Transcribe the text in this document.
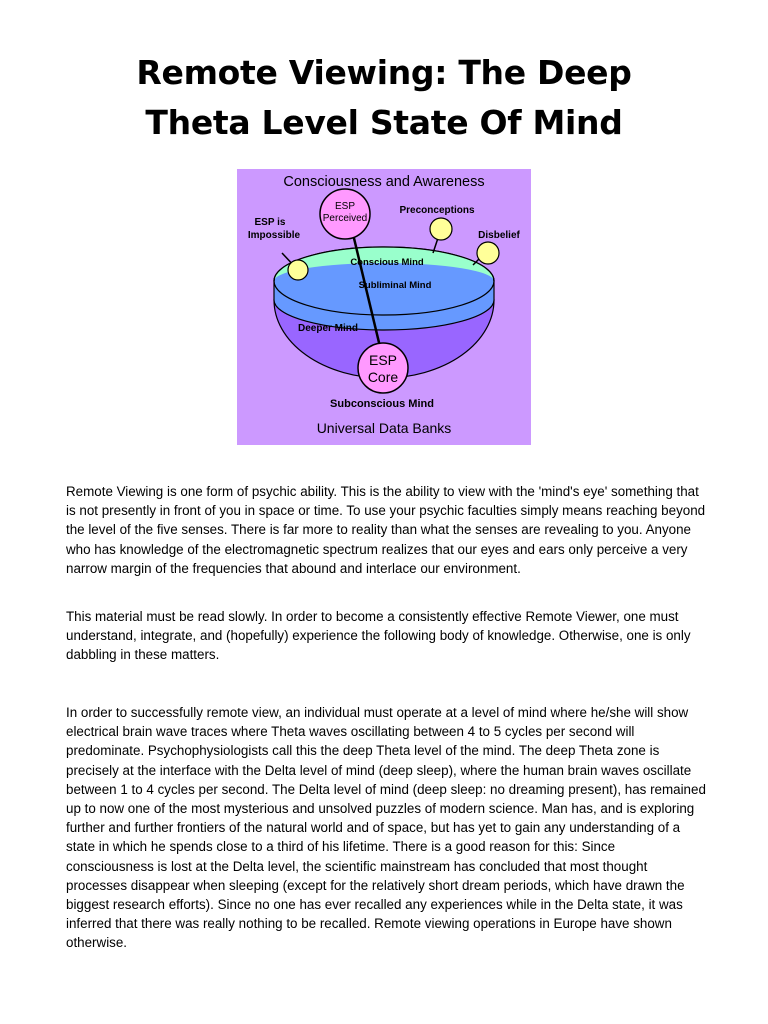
Remote Viewing: The Deep
Theta Level State Of Mind
Consciousness and Awareness
ESP
Perceived
ESP is
Impossible
Preconceptions
Disbelief
Conscious Mind
Subliminal Mind
Deeper Mind
ESP
Core
Subconscious Mind
Universal Data Banks

Remote Viewing is one form of psychic ability. This is the ability to view with the 'mind's eye' something that is not presently in front of you in space or time. To use your psychic faculties simply means reaching beyond the level of the five senses. There is far more to reality than what the senses are revealing to you. Anyone who has knowledge of the electromagnetic spectrum realizes that our eyes and ears only perceive a very narrow margin of the frequencies that abound and interlace our environment.

This material must be read slowly. In order to become a consistently effective Remote Viewer, one must understand, integrate, and (hopefully) experience the following body of knowledge. Otherwise, one is only dabbling in these matters.

In order to successfully remote view, an individual must operate at a level of mind where he/she will show electrical brain wave traces where Theta waves oscillating between 4 to 5 cycles per second will predominate. Psychophysiologists call this the deep Theta level of the mind. The deep Theta zone is precisely at the interface with the Delta level of mind (deep sleep), where the human brain waves oscillate between 1 to 4 cycles per second. The Delta level of mind (deep sleep: no dreaming present), has remained up to now one of the most mysterious and unsolved puzzles of modern science. Man has, and is exploring further and further frontiers of the natural world and of space, but has yet to gain any understanding of a state in which he spends close to a third of his lifetime. There is a good reason for this: Since consciousness is lost at the Delta level, the scientific mainstream has concluded that most thought processes disappear when sleeping (except for the relatively short dream periods, which have drawn the biggest research efforts). Since no one has ever recalled any experiences while in the Delta state, it was inferred that there was really nothing to be recalled. Remote viewing operations in Europe have shown otherwise.
